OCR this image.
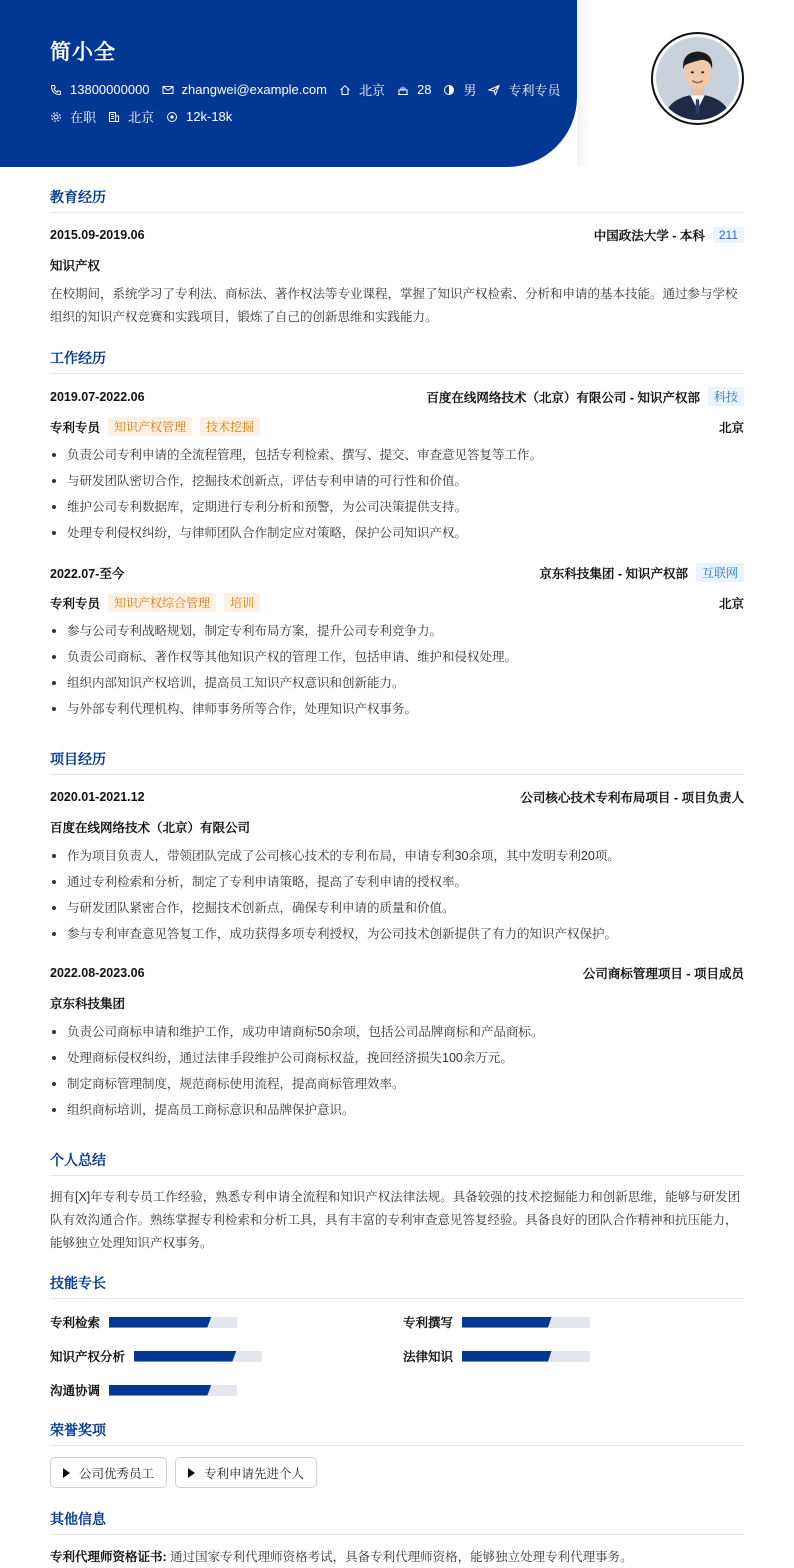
简小全
13800000000 zhangwei@example.com 北京 28 男 专利专员
在职 北京 12k-18k
教育经历
2015.09-2019.06	中国政法大学 - 本科	211
知识产权
在校期间，系统学习了专利法、商标法、著作权法等专业课程，掌握了知识产权检索、分析和申请的基本技能。通过参与学校组织的知识产权竞赛和实践项目，锻炼了自己的创新思维和实践能力。
工作经历
2019.07-2022.06	百度在线网络技术（北京）有限公司 - 知识产权部	科技
专利专员	知识产权管理	技术挖掘	北京
负责公司专利申请的全流程管理，包括专利检索、撰写、提交、审查意见答复等工作。
与研发团队密切合作，挖掘技术创新点，评估专利申请的可行性和价值。
维护公司专利数据库，定期进行专利分析和预警，为公司决策提供支持。
处理专利侵权纠纷，与律师团队合作制定应对策略，保护公司知识产权。
2022.07-至今	京东科技集团 - 知识产权部	互联网
专利专员	知识产权综合管理	培训	北京
参与公司专利战略规划，制定专利布局方案，提升公司专利竞争力。
负责公司商标、著作权等其他知识产权的管理工作，包括申请、维护和侵权处理。
组织内部知识产权培训，提高员工知识产权意识和创新能力。
与外部专利代理机构、律师事务所等合作，处理知识产权事务。
项目经历
2020.01-2021.12	公司核心技术专利布局项目 - 项目负责人
百度在线网络技术（北京）有限公司
作为项目负责人，带领团队完成了公司核心技术的专利布局，申请专利30余项，其中发明专利20项。
通过专利检索和分析，制定了专利申请策略，提高了专利申请的授权率。
与研发团队紧密合作，挖掘技术创新点，确保专利申请的质量和价值。
参与专利审查意见答复工作，成功获得多项专利授权，为公司技术创新提供了有力的知识产权保护。
2022.08-2023.06	公司商标管理项目 - 项目成员
京东科技集团
负责公司商标申请和维护工作，成功申请商标50余项，包括公司品牌商标和产品商标。
处理商标侵权纠纷，通过法律手段维护公司商标权益，挽回经济损失100余万元。
制定商标管理制度，规范商标使用流程，提高商标管理效率。
组织商标培训，提高员工商标意识和品牌保护意识。
个人总结
拥有[X]年专利专员工作经验，熟悉专利申请全流程和知识产权法律法规。具备较强的技术挖掘能力和创新思维，能够与研发团队有效沟通合作。熟练掌握专利检索和分析工具，具有丰富的专利审查意见答复经验。具备良好的团队合作精神和抗压能力，能够独立处理知识产权事务。
技能专长
专利检索	专利撰写
知识产权分析	法律知识
沟通协调
荣誉奖项
公司优秀员工	专利申请先进个人
其他信息
专利代理师资格证书: 通过国家专利代理师资格考试，具备专利代理师资格，能够独立处理专利代理事务。
